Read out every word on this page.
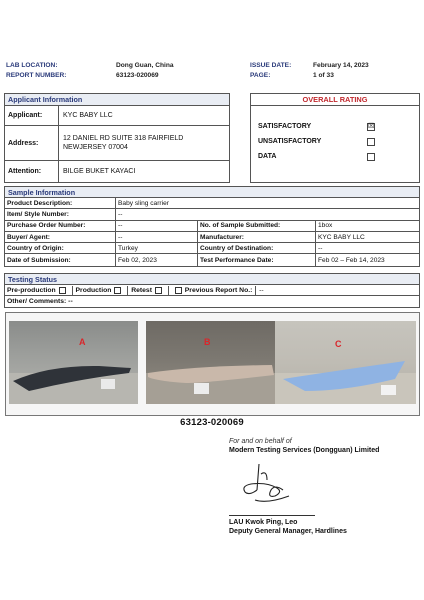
LAB LOCATION:	Dong Guan, China
REPORT NUMBER:	63123-020069
ISSUE DATE:	February 14, 2023
PAGE:	1 of 33
Applicant Information
Applicant:	KYC BABY LLC
Address:
12 DANIEL RD SUITE 318 FAIRFIELD NEWJERSEY 07004
Attention:	BILGE BUKET KAYACI
OVERALL RATING
SATISFACTORY	☒
UNSATISFACTORY
DATA
Sample Information
Product Description:	Baby sling carrier
Item/ Style Number:	--
Purchase Order Number:	--	No. of Sample Submitted:	1box
Buyer/ Agent:	--	Manufacturer:	KYC BABY LLC
Country of Origin:	Turkey	Country of Destination:	--
Date of Submission:	Feb 02, 2023	Test Performance Date:	Feb 02 – Feb 14, 2023
Testing Status
Pre-production	Production	Retest	Previous Report No.: --
Other/ Comments: --
A	B	C
63123-020069
For and on behalf of
Modern Testing Services (Dongguan) Limited
LAU Kwok Ping, Leo
Deputy General Manager, Hardlines
